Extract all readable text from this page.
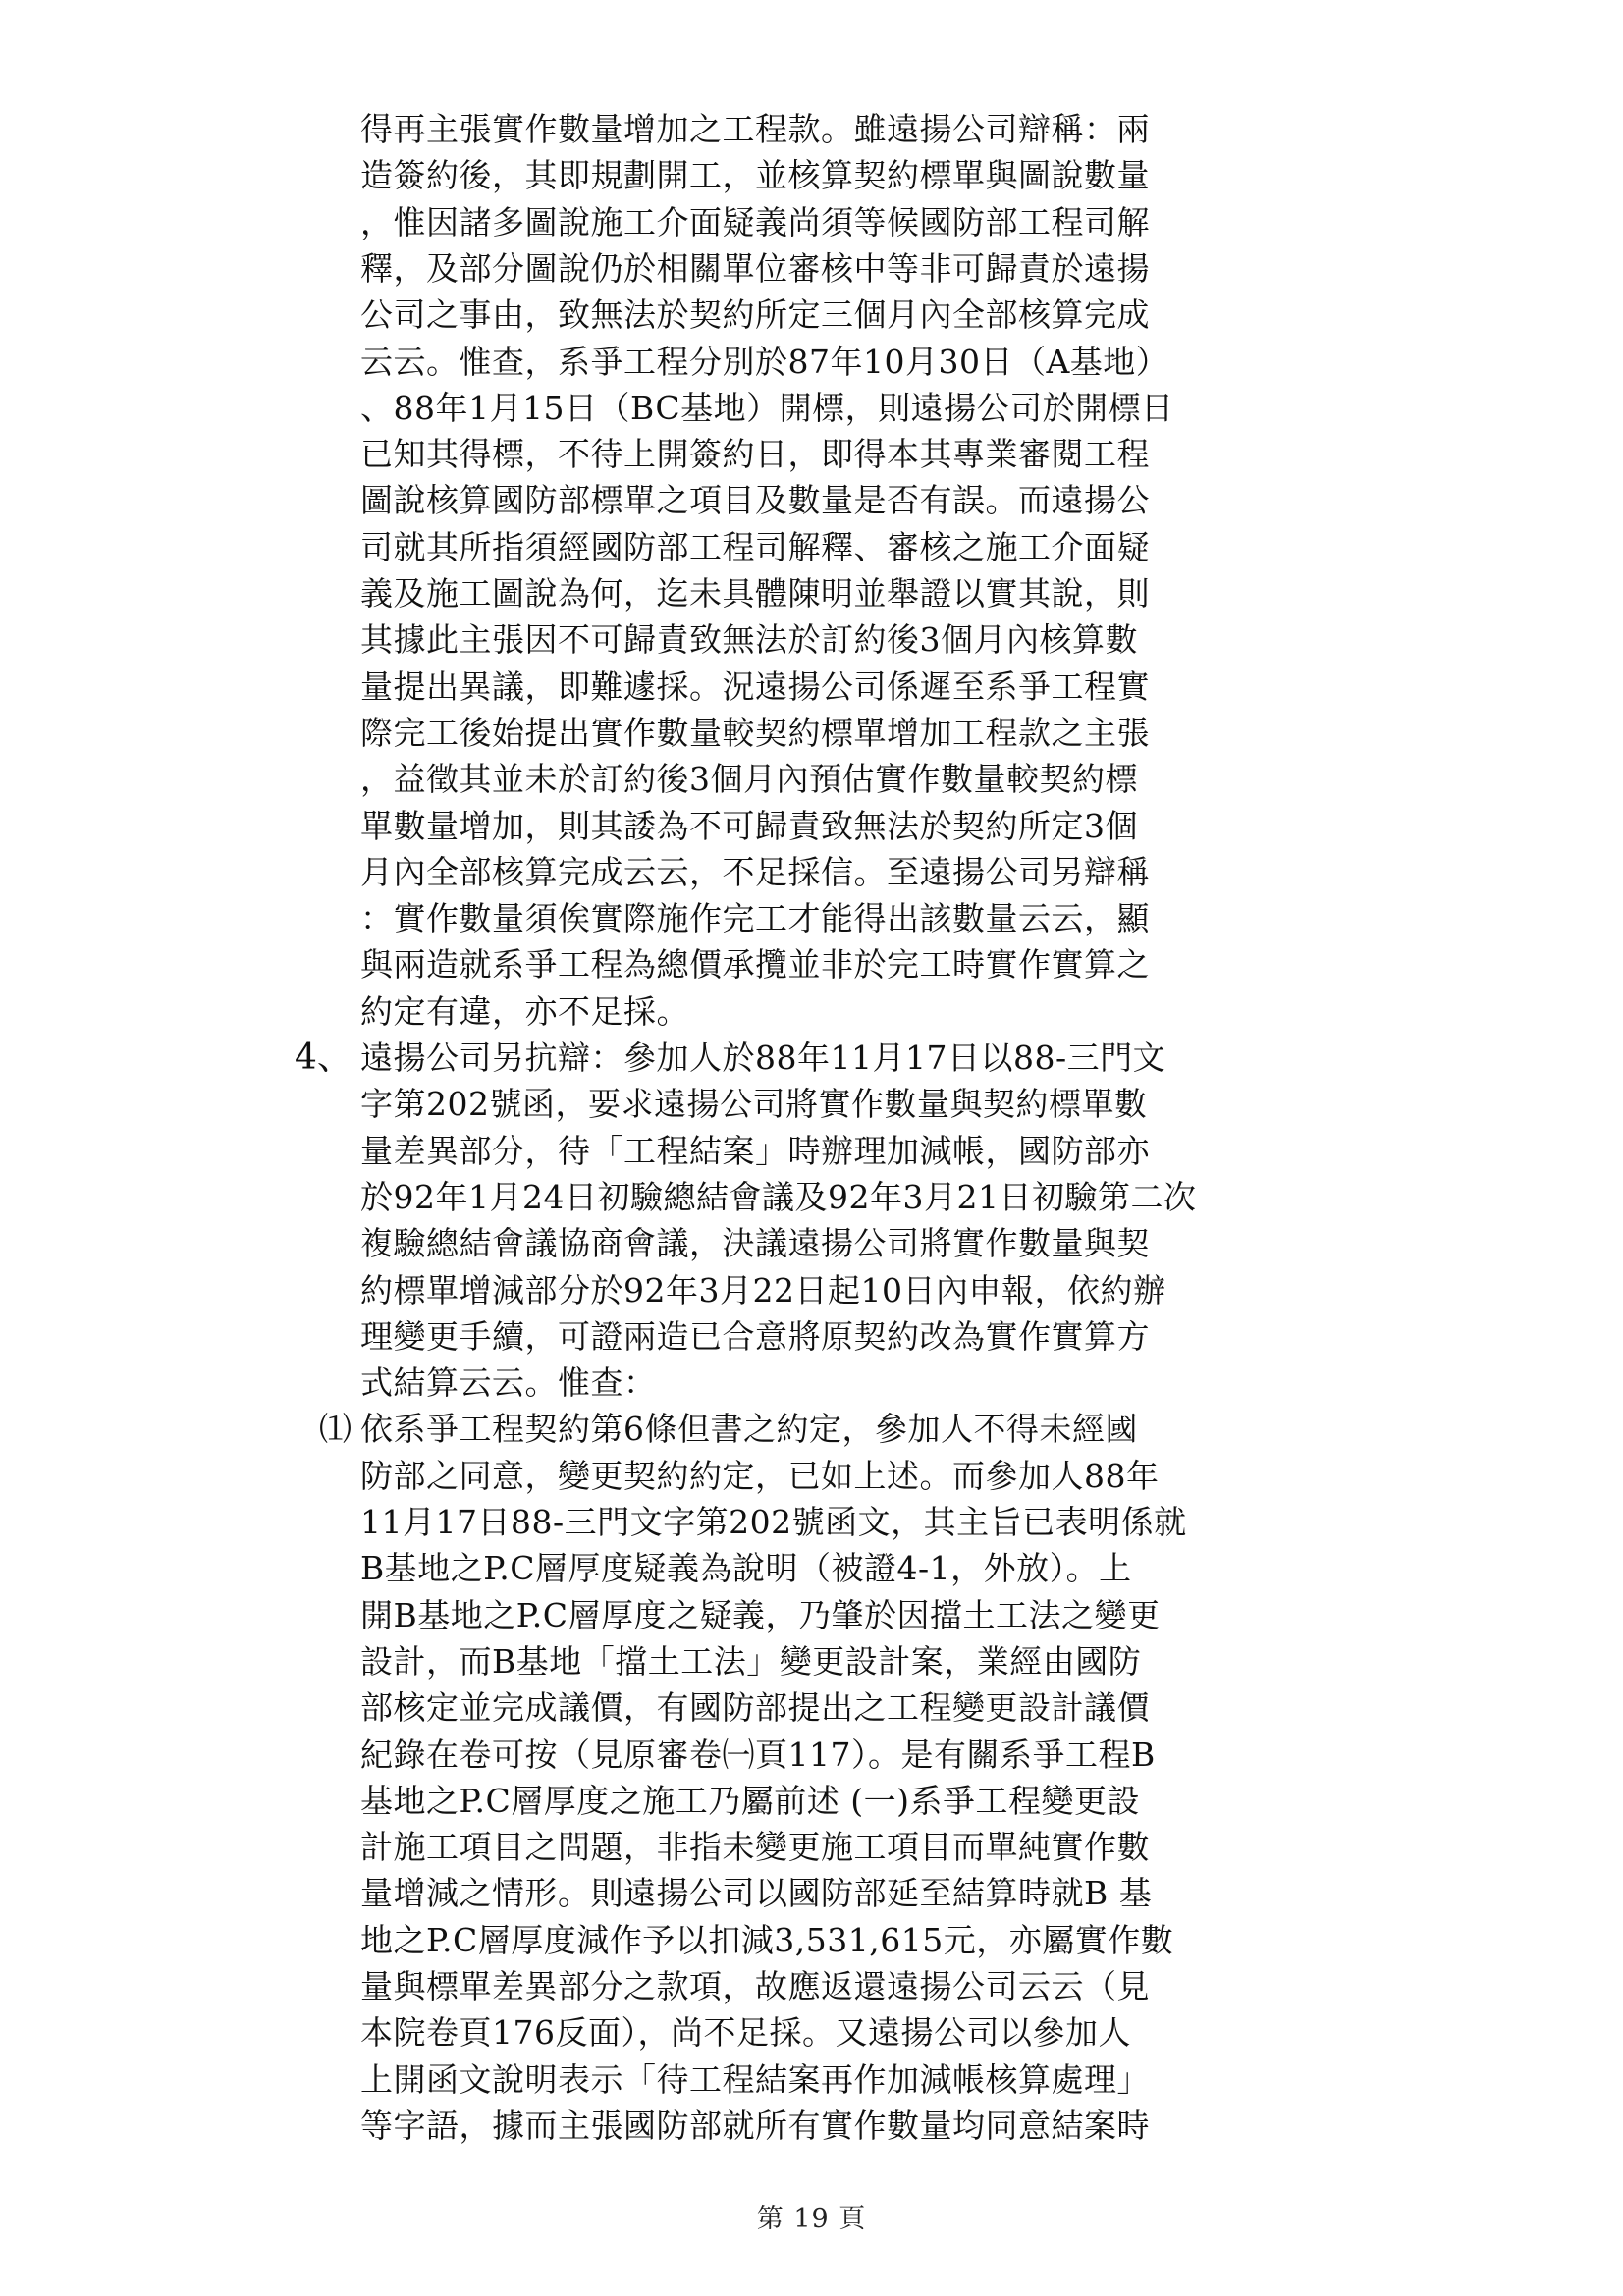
得再主張實作數量增加之工程款。雖遠揚公司辯稱：兩
造簽約後，其即規劃開工，並核算契約標單與圖說數量
，惟因諸多圖說施工介面疑義尚須等候國防部工程司解
釋，及部分圖說仍於相關單位審核中等非可歸責於遠揚
公司之事由，致無法於契約所定三個月內全部核算完成
云云。惟查，系爭工程分別於87年10月30日（A基地）
、88年1月15日（BC基地）開標，則遠揚公司於開標日
已知其得標，不待上開簽約日，即得本其專業審閱工程
圖說核算國防部標單之項目及數量是否有誤。而遠揚公
司就其所指須經國防部工程司解釋、審核之施工介面疑
義及施工圖說為何，迄未具體陳明並舉證以實其說，則
其據此主張因不可歸責致無法於訂約後3個月內核算數
量提出異議，即難遽採。況遠揚公司係遲至系爭工程實
際完工後始提出實作數量較契約標單增加工程款之主張
，益徵其並未於訂約後3個月內預估實作數量較契約標
單數量增加，則其諉為不可歸責致無法於契約所定3個
月內全部核算完成云云，不足採信。至遠揚公司另辯稱
：實作數量須俟實際施作完工才能得出該數量云云，顯
與兩造就系爭工程為總價承攬並非於完工時實作實算之
約定有違，亦不足採。
4、 遠揚公司另抗辯：參加人於88年11月17日以88-三門文
字第202號函，要求遠揚公司將實作數量與契約標單數
量差異部分，待「工程結案」時辦理加減帳，國防部亦
於92年1月24日初驗總結會議及92年3月21日初驗第二次
複驗總結會議協商會議，決議遠揚公司將實作數量與契
約標單增減部分於92年3月22日起10日內申報，依約辦
理變更手續，可證兩造已合意將原契約改為實作實算方
式結算云云。惟查：
⑴ 依系爭工程契約第6條但書之約定，參加人不得未經國
防部之同意，變更契約約定，已如上述。而參加人88年
11月17日88-三門文字第202號函文，其主旨已表明係就
B基地之P.C層厚度疑義為說明（被證4-1，外放）。上
開B基地之P.C層厚度之疑義，乃肇於因擋土工法之變更
設計，而B基地「擋土工法」變更設計案，業經由國防
部核定並完成議價，有國防部提出之工程變更設計議價
紀錄在卷可按（見原審卷㈠頁117）。是有關系爭工程B
基地之P.C層厚度之施工乃屬前述 (一)系爭工程變更設
計施工項目之問題，非指未變更施工項目而單純實作數
量增減之情形。則遠揚公司以國防部延至結算時就B 基
地之P.C層厚度減作予以扣減3,531,615元，亦屬實作數
量與標單差異部分之款項，故應返還遠揚公司云云（見
本院卷頁176反面），尚不足採。又遠揚公司以參加人
上開函文說明表示「待工程結案再作加減帳核算處理」
等字語，據而主張國防部就所有實作數量均同意結案時
第 19 頁
